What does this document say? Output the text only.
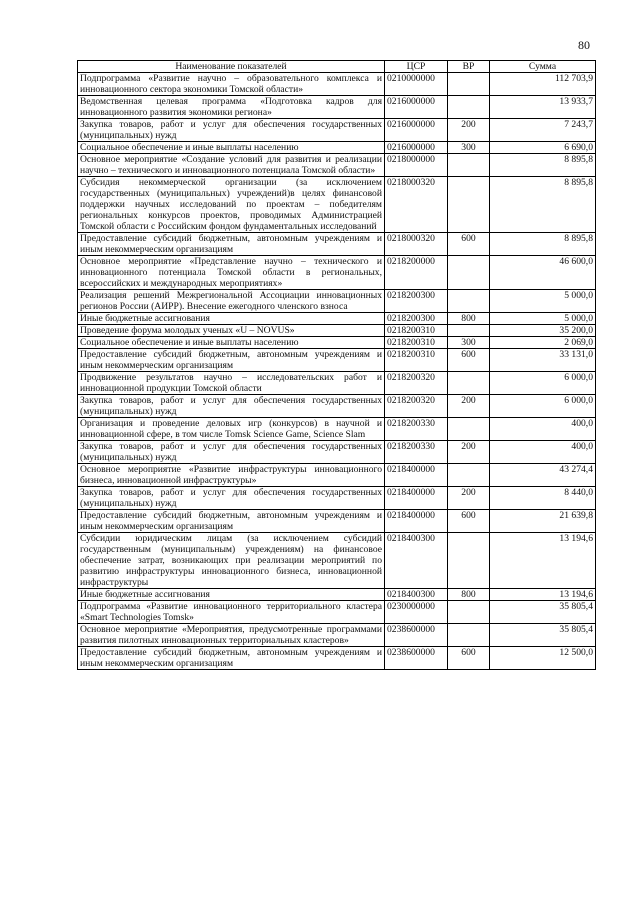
80
Наименование показателей	ЦСР	ВР	Сумма
Подпрограмма «Развитие научно – образовательного комплекса и инновационного сектора экономики Томской области»	0210000000		112 703,9
Ведомственная целевая программа «Подготовка кадров для инновационного развития экономики региона»	0216000000		13 933,7
Закупка товаров, работ и услуг для обеспечения государственных (муниципальных) нужд	0216000000	200	7 243,7
Социальное обеспечение и иные выплаты населению	0216000000	300	6 690,0
Основное мероприятие «Создание условий для развития и реализации научно – технического и инновационного потенциала Томской области»	0218000000		8 895,8
Субсидия некоммерческой организации (за исключением государственных (муниципальных) учреждений)в целях финансовой поддержки научных исследований по проектам – победителям региональных конкурсов проектов, проводимых Администрацией Томской области с Российским фондом фундаментальных исследований	0218000320		8 895,8
Предоставление субсидий бюджетным, автономным учреждениям и иным некоммерческим организациям	0218000320	600	8 895,8
Основное мероприятие «Представление научно – технического и инновационного потенциала Томской области в региональных, всероссийских и международных мероприятиях»	0218200000		46 600,0
Реализация решений Межрегиональной Ассоциации инновационных регионов России (АИРР). Внесение ежегодного членского взноса	0218200300		5 000,0
Иные бюджетные ассигнования	0218200300	800	5 000,0
Проведение форума молодых ученых «U – NOVUS»	0218200310		35 200,0
Социальное обеспечение и иные выплаты населению	0218200310	300	2 069,0
Предоставление субсидий бюджетным, автономным учреждениям и иным некоммерческим организациям	0218200310	600	33 131,0
Продвижение результатов научно – исследовательских работ и инновационной продукции Томской области	0218200320		6 000,0
Закупка товаров, работ и услуг для обеспечения государственных (муниципальных) нужд	0218200320	200	6 000,0
Организация и проведение деловых игр (конкурсов) в научной и инновационной сфере, в том числе Tomsk Science Game, Science Slam	0218200330		400,0
Закупка товаров, работ и услуг для обеспечения государственных (муниципальных) нужд	0218200330	200	400,0
Основное мероприятие «Развитие инфраструктуры инновационного бизнеса, инновационной инфраструктуры»	0218400000		43 274,4
Закупка товаров, работ и услуг для обеспечения государственных (муниципальных) нужд	0218400000	200	8 440,0
Предоставление субсидий бюджетным, автономным учреждениям и иным некоммерческим организациям	0218400000	600	21 639,8
Субсидии юридическим лицам (за исключением субсидий государственным (муниципальным) учреждениям) на финансовое обеспечение затрат, возникающих при реализации мероприятий по развитию инфраструктуры инновационного бизнеса, инновационной инфраструктуры	0218400300		13 194,6
Иные бюджетные ассигнования	0218400300	800	13 194,6
Подпрограмма «Развитие инновационного территориального кластера «Smart Technologies Tomsk»	0230000000		35 805,4
Основное мероприятие «Мероприятия, предусмотренные программами развития пилотных инновационных территориальных кластеров»	0238600000		35 805,4
Предоставление субсидий бюджетным, автономным учреждениям и иным некоммерческим организациям	0238600000	600	12 500,0
